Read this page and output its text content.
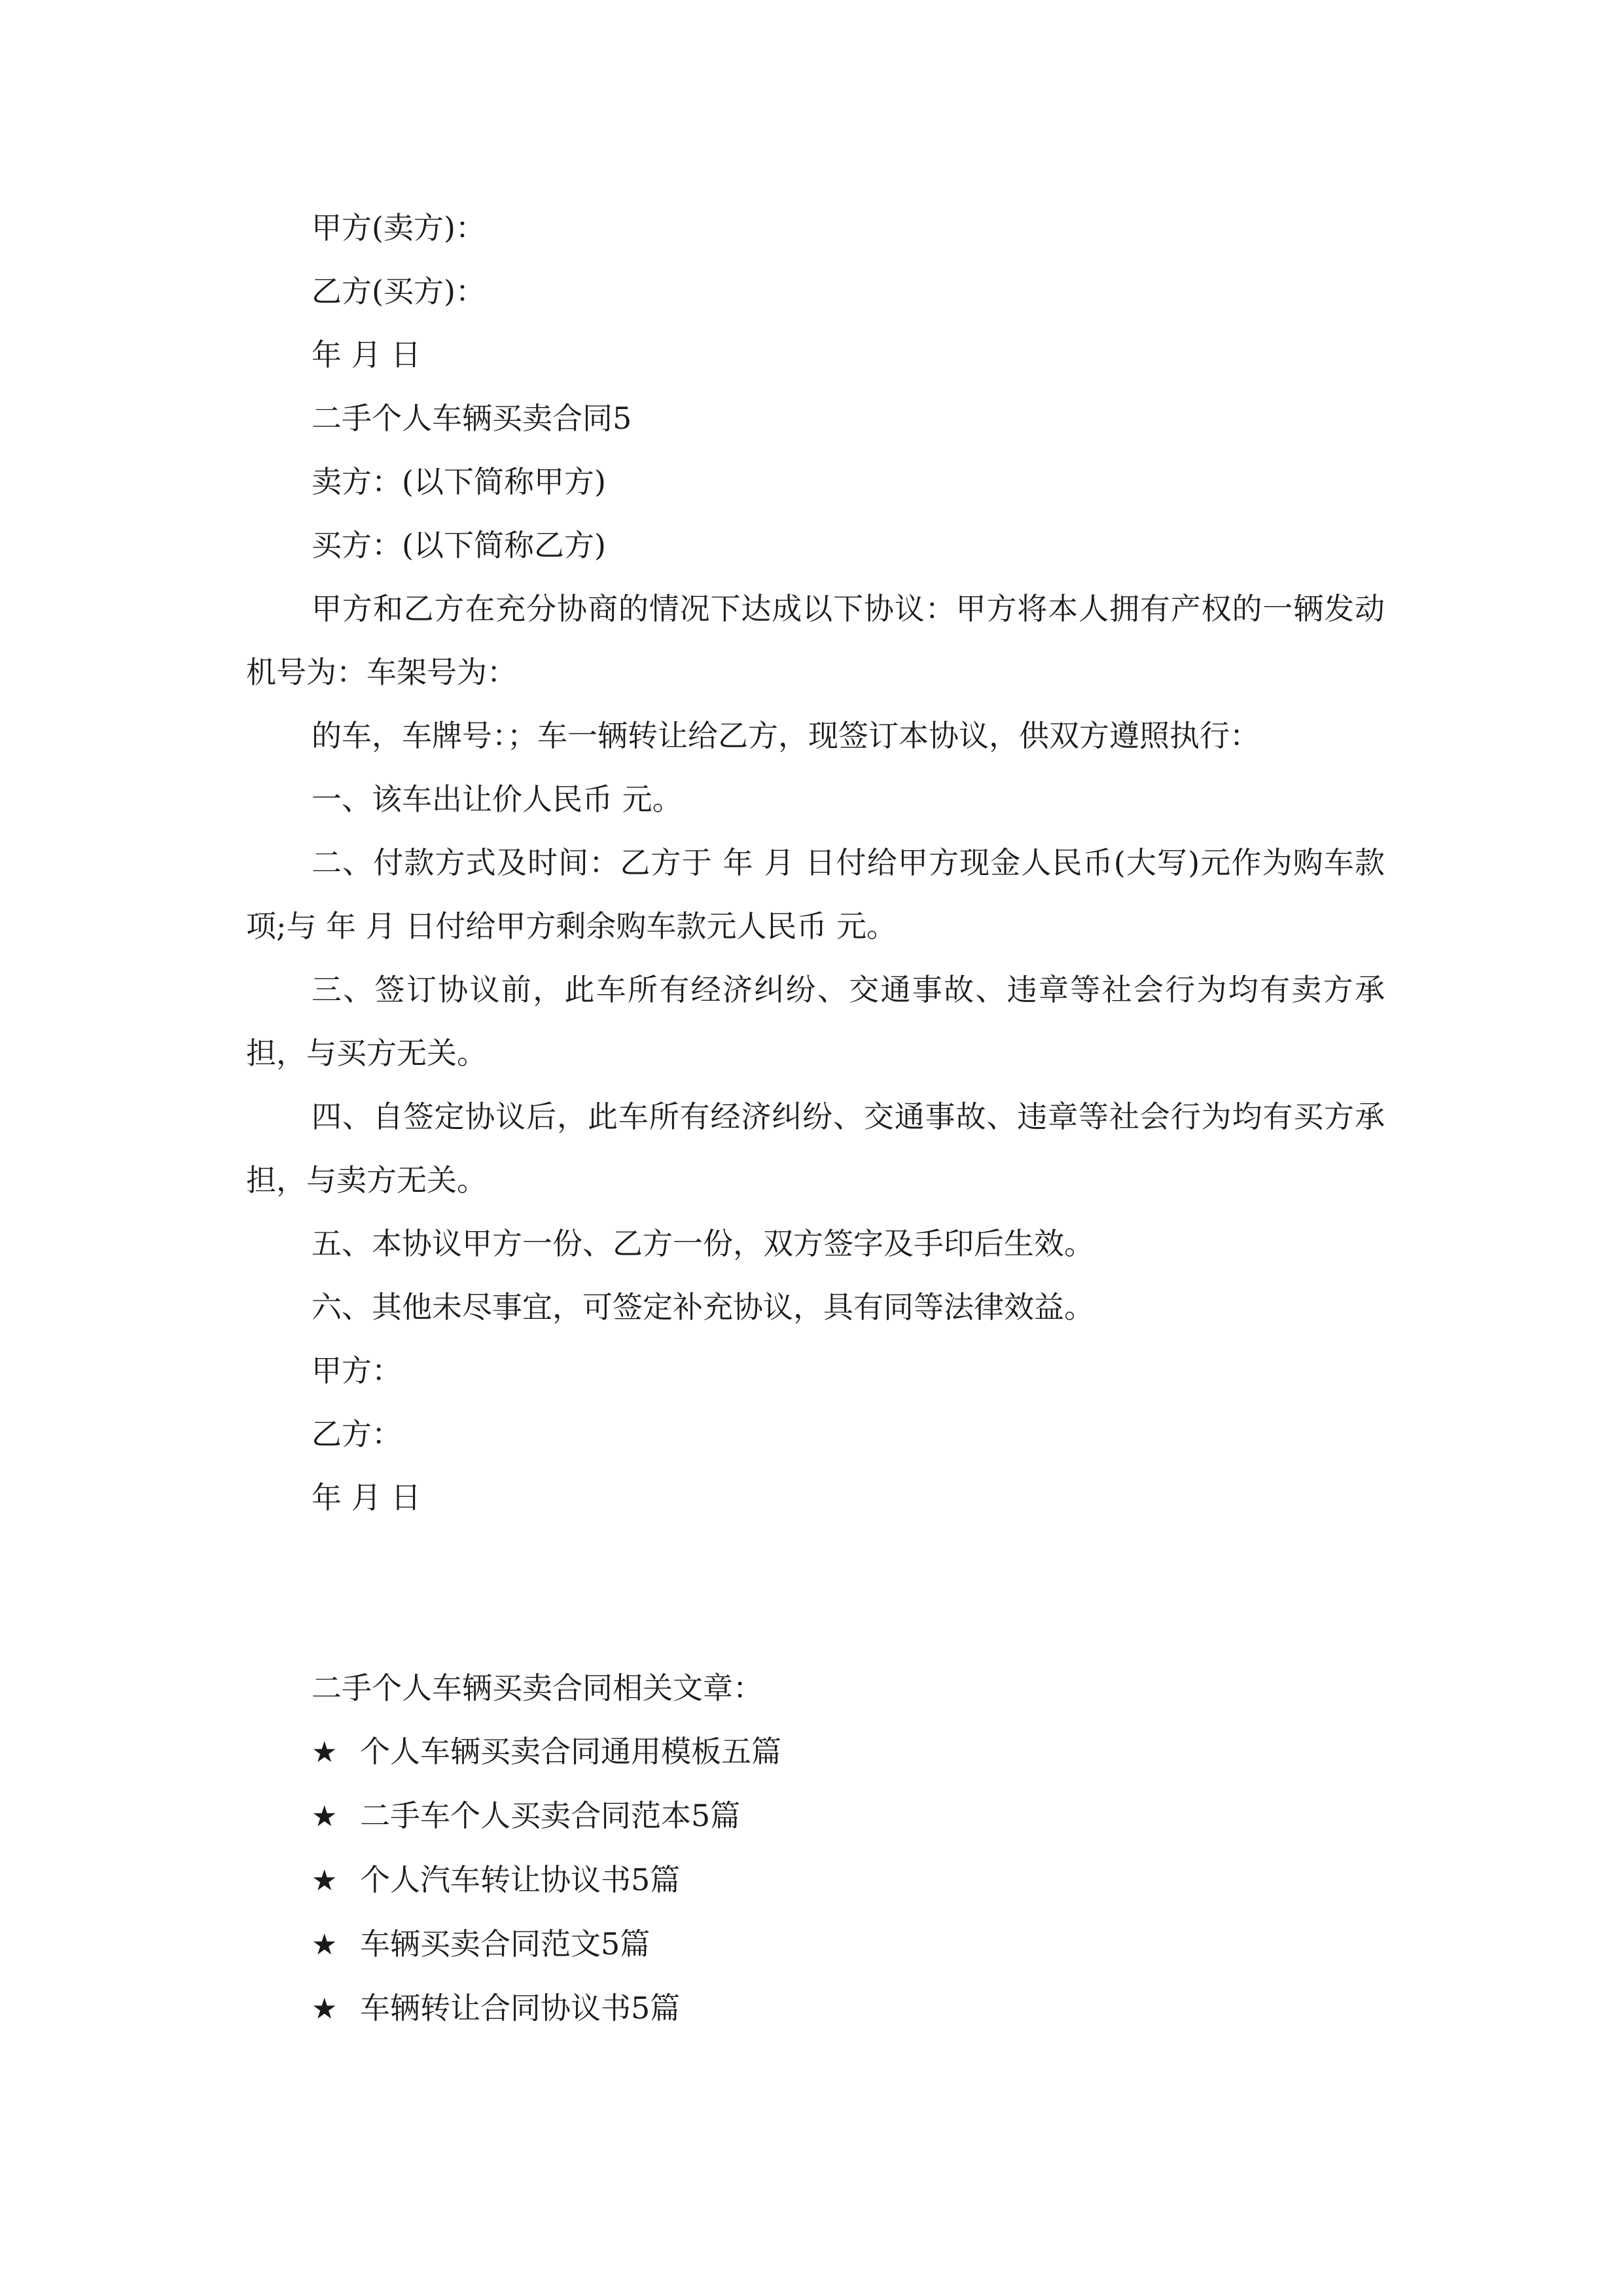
甲方(卖方)：
乙方(买方)：
年 月 日
二手个人车辆买卖合同5
卖方：(以下简称甲方)
买方：(以下简称乙方)
甲方和乙方在充分协商的情况下达成以下协议：甲方将本人拥有产权的一辆发动机号为：车架号为：
的车，车牌号：；车一辆转让给乙方，现签订本协议，供双方遵照执行：
一、该车出让价人民币 元。
二、付款方式及时间：乙方于 年 月 日付给甲方现金人民币(大写)元作为购车款项;与 年 月 日付给甲方剩余购车款元人民币 元。
三、签订协议前，此车所有经济纠纷、交通事故、违章等社会行为均有卖方承担，与买方无关。
四、自签定协议后，此车所有经济纠纷、交通事故、违章等社会行为均有买方承担，与卖方无关。
五、本协议甲方一份、乙方一份，双方签字及手印后生效。
六、其他未尽事宜，可签定补充协议，具有同等法律效益。
甲方：
乙方：
年 月 日
二手个人车辆买卖合同相关文章：
★ 个人车辆买卖合同通用模板五篇
★ 二手车个人买卖合同范本5篇
★ 个人汽车转让协议书5篇
★ 车辆买卖合同范文5篇
★ 车辆转让合同协议书5篇
